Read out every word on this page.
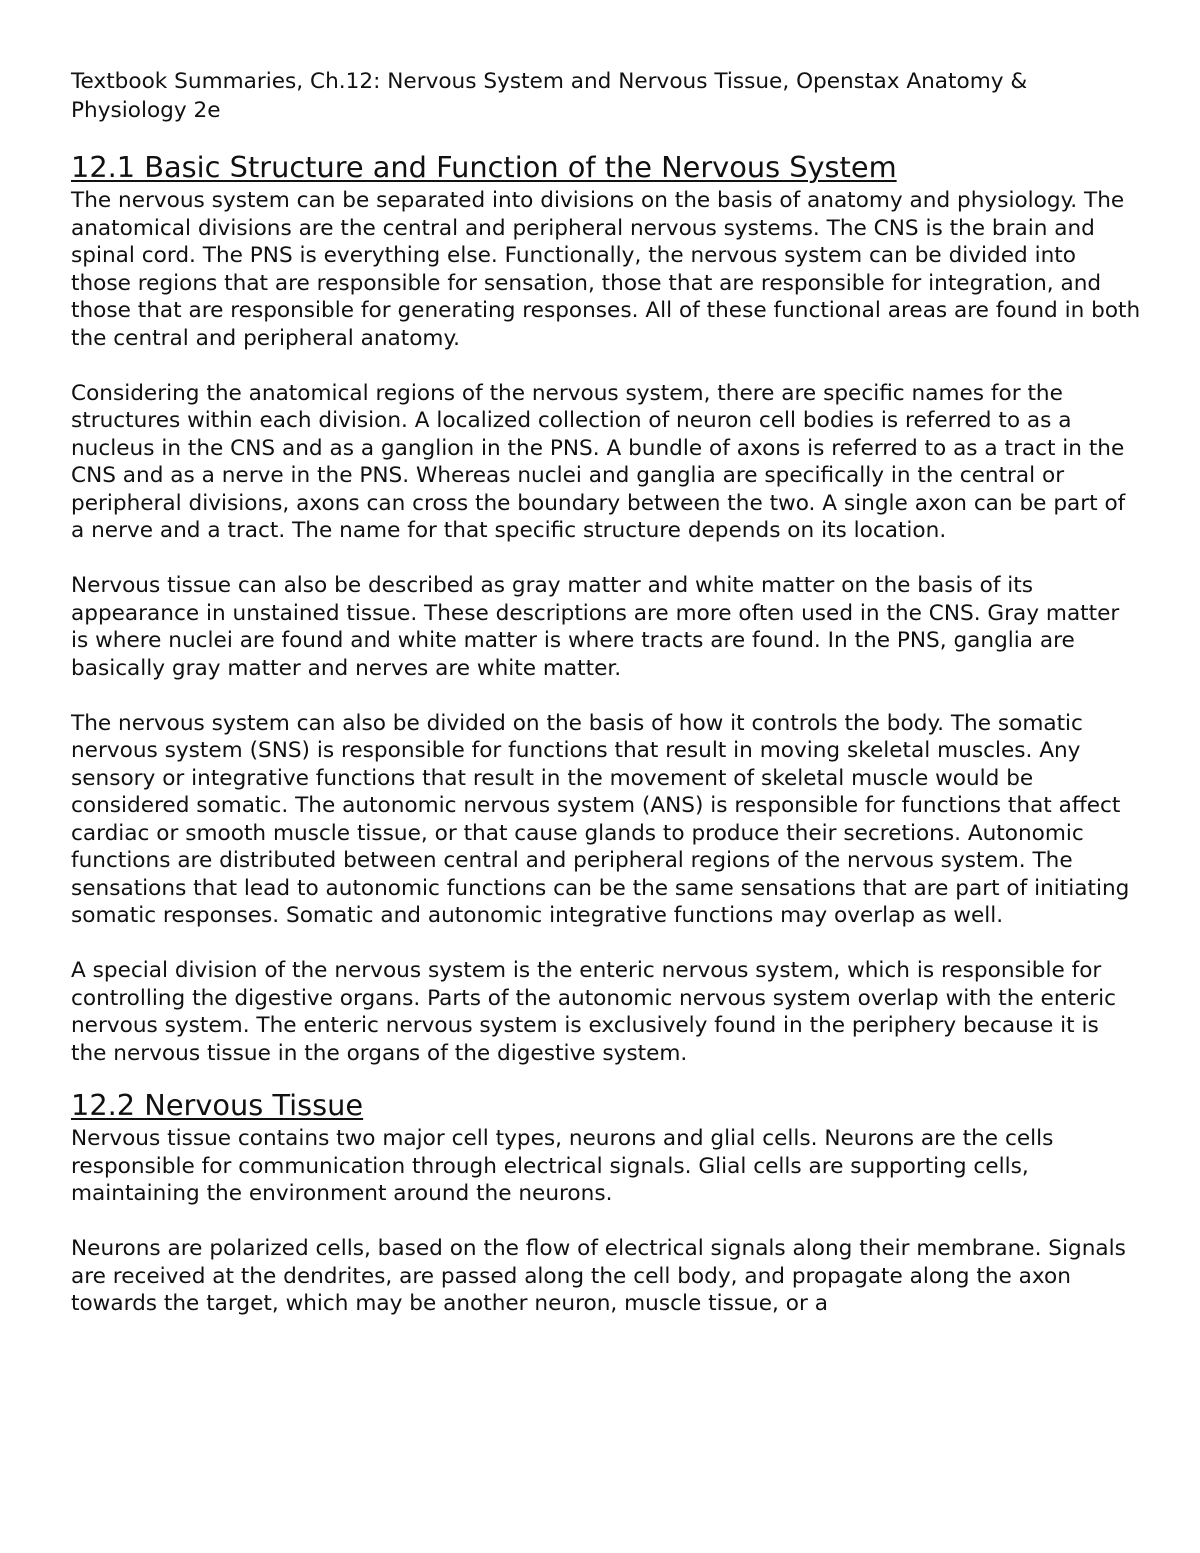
Textbook Summaries, Ch.12: Nervous System and Nervous Tissue, Openstax Anatomy & Physiology 2e

12.1 Basic Structure and Function of the Nervous System

The nervous system can be separated into divisions on the basis of anatomy and physiology. The anatomical divisions are the central and peripheral nervous systems. The CNS is the brain and spinal cord. The PNS is everything else. Functionally, the nervous system can be divided into those regions that are responsible for sensation, those that are responsible for integration, and those that are responsible for generating responses. All of these functional areas are found in both the central and peripheral anatomy.

Considering the anatomical regions of the nervous system, there are specific names for the structures within each division. A localized collection of neuron cell bodies is referred to as a nucleus in the CNS and as a ganglion in the PNS. A bundle of axons is referred to as a tract in the CNS and as a nerve in the PNS. Whereas nuclei and ganglia are specifically in the central or peripheral divisions, axons can cross the boundary between the two. A single axon can be part of a nerve and a tract. The name for that specific structure depends on its location.

Nervous tissue can also be described as gray matter and white matter on the basis of its appearance in unstained tissue. These descriptions are more often used in the CNS. Gray matter is where nuclei are found and white matter is where tracts are found. In the PNS, ganglia are basically gray matter and nerves are white matter.

The nervous system can also be divided on the basis of how it controls the body. The somatic nervous system (SNS) is responsible for functions that result in moving skeletal muscles. Any sensory or integrative functions that result in the movement of skeletal muscle would be considered somatic. The autonomic nervous system (ANS) is responsible for functions that affect cardiac or smooth muscle tissue, or that cause glands to produce their secretions. Autonomic functions are distributed between central and peripheral regions of the nervous system. The sensations that lead to autonomic functions can be the same sensations that are part of initiating somatic responses. Somatic and autonomic integrative functions may overlap as well.

A special division of the nervous system is the enteric nervous system, which is responsible for controlling the digestive organs. Parts of the autonomic nervous system overlap with the enteric nervous system. The enteric nervous system is exclusively found in the periphery because it is the nervous tissue in the organs of the digestive system.

12.2 Nervous Tissue

Nervous tissue contains two major cell types, neurons and glial cells. Neurons are the cells responsible for communication through electrical signals. Glial cells are supporting cells, maintaining the environment around the neurons.

Neurons are polarized cells, based on the flow of electrical signals along their membrane. Signals are received at the dendrites, are passed along the cell body, and propagate along the axon towards the target, which may be another neuron, muscle tissue, or a
